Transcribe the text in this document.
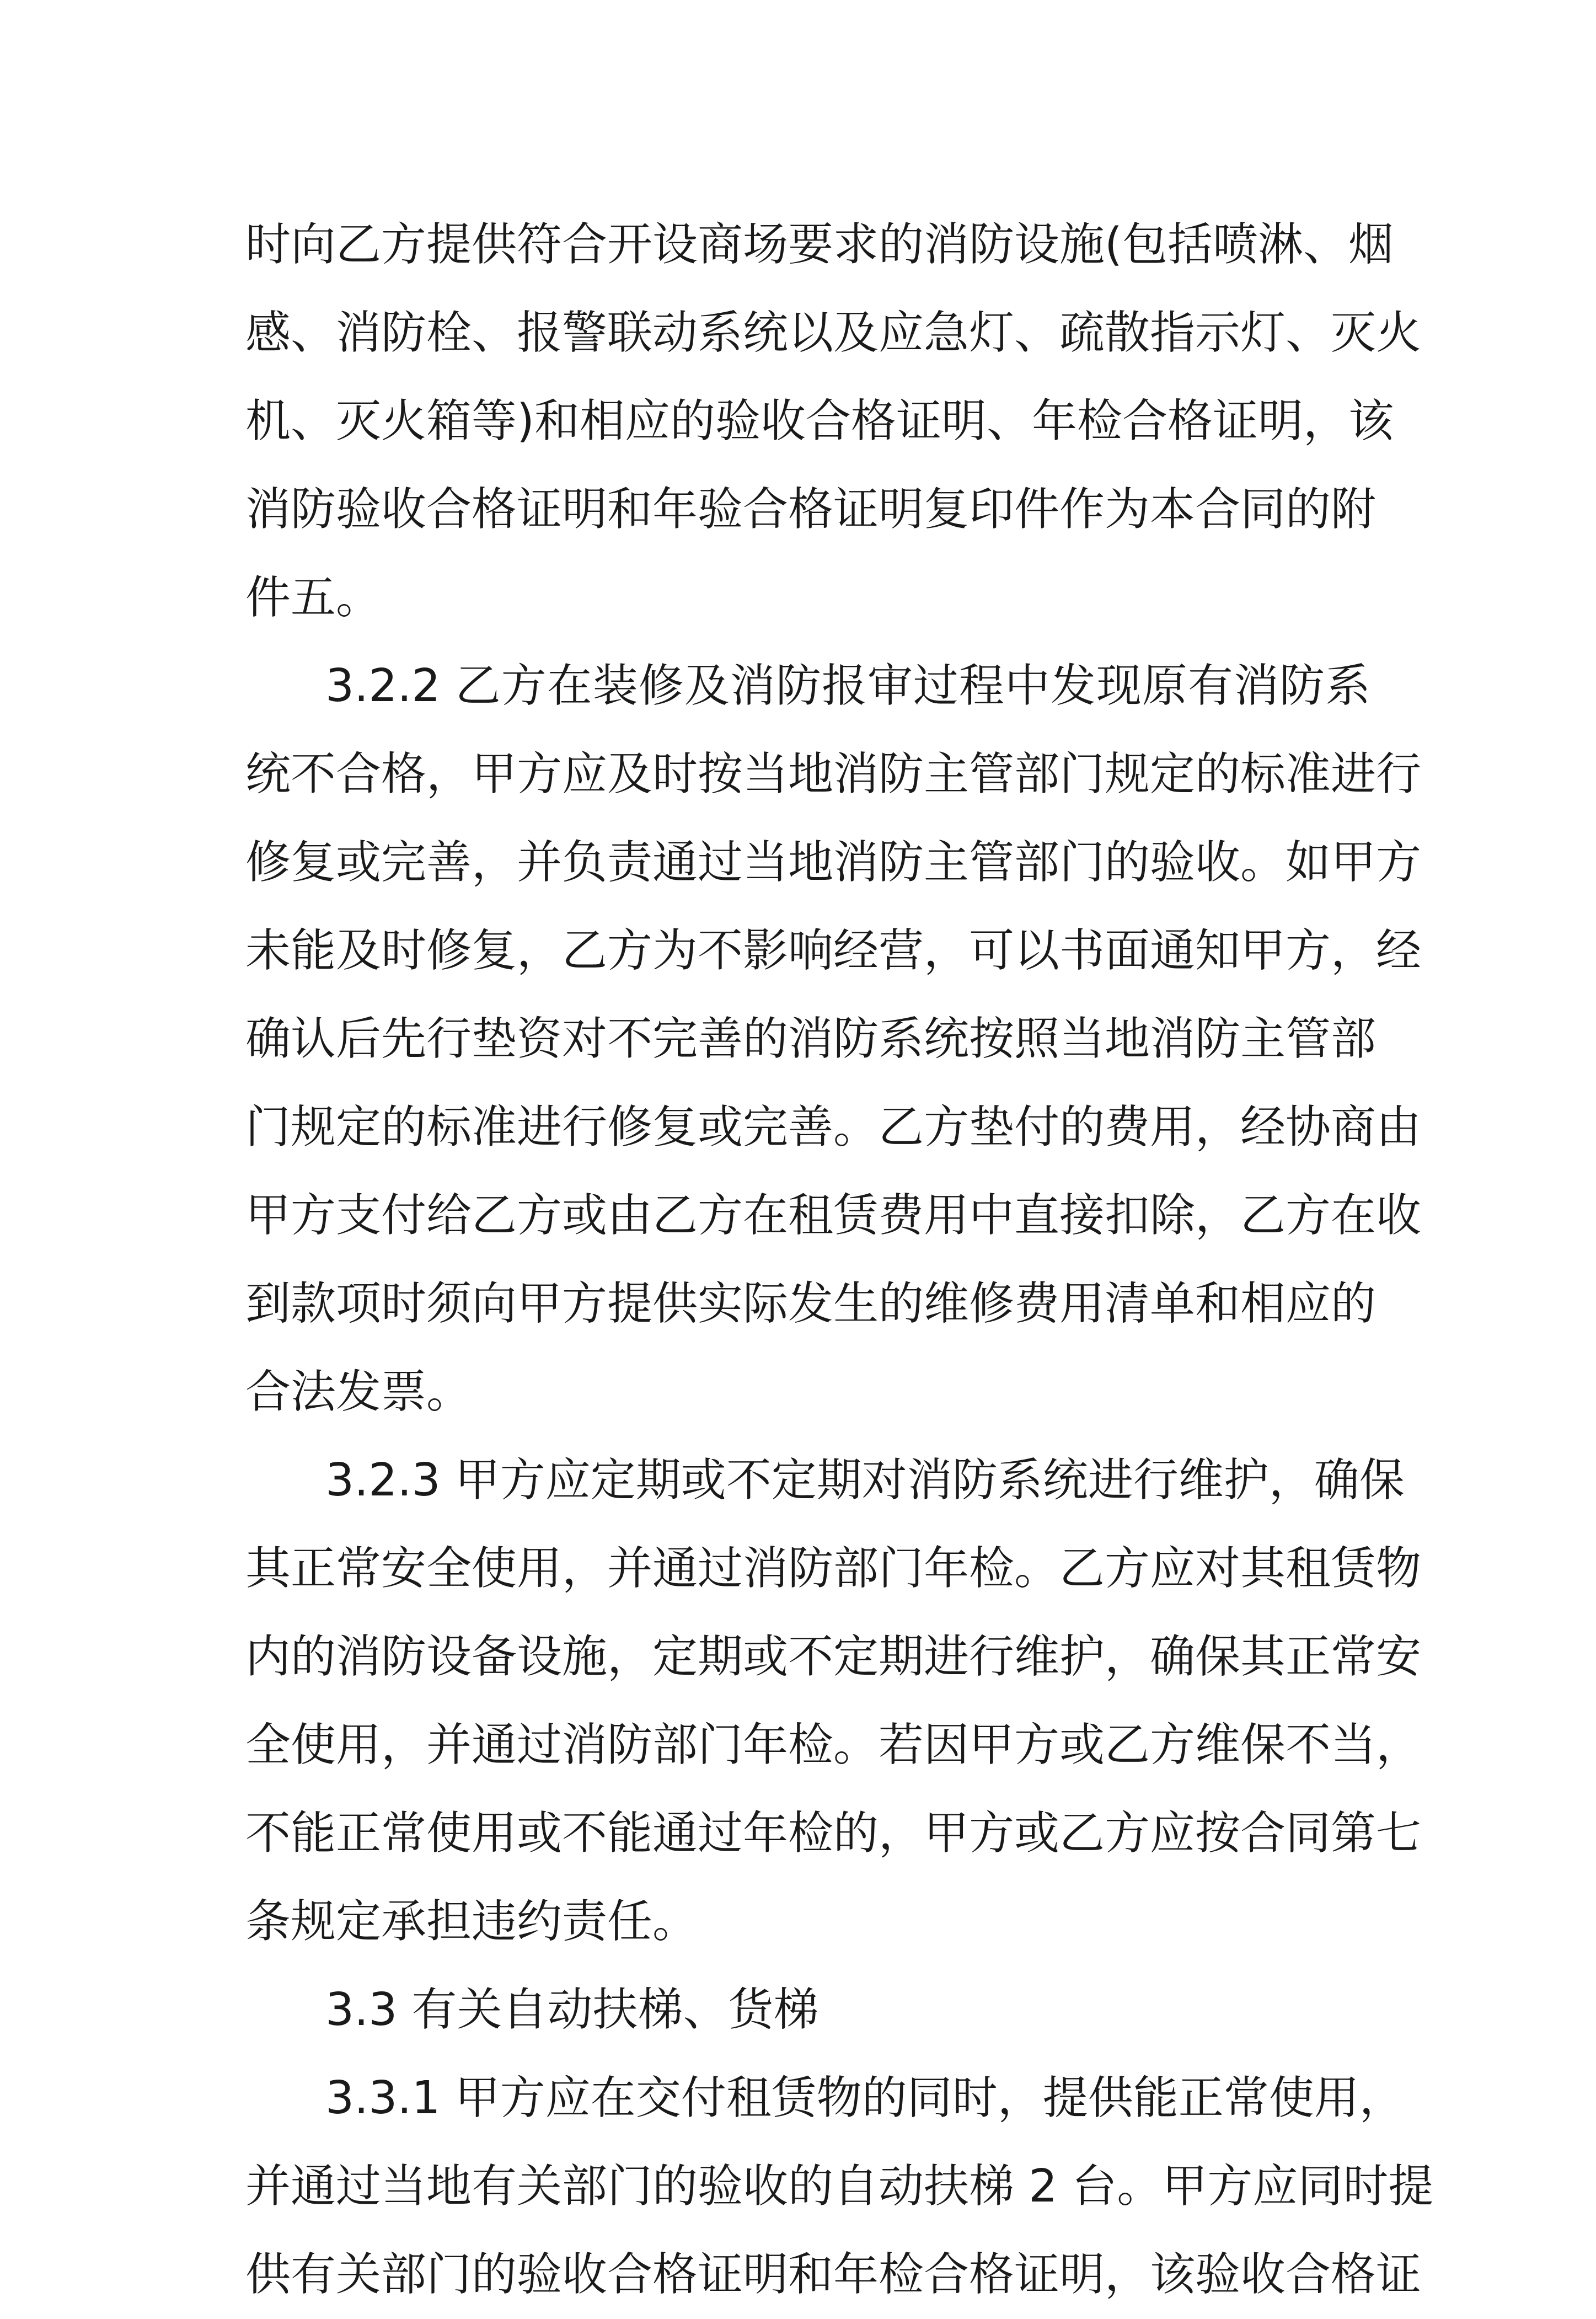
时向乙方提供符合开设商场要求的消防设施(包括喷淋、烟
感、消防栓、报警联动系统以及应急灯、疏散指示灯、灭火
机、灭火箱等)和相应的验收合格证明、年检合格证明，该
消防验收合格证明和年验合格证明复印件作为本合同的附
件五。
3.2.2 乙方在装修及消防报审过程中发现原有消防系
统不合格，甲方应及时按当地消防主管部门规定的标准进行
修复或完善，并负责通过当地消防主管部门的验收。如甲方
未能及时修复，乙方为不影响经营，可以书面通知甲方，经
确认后先行垫资对不完善的消防系统按照当地消防主管部
门规定的标准进行修复或完善。乙方垫付的费用，经协商由
甲方支付给乙方或由乙方在租赁费用中直接扣除，乙方在收
到款项时须向甲方提供实际发生的维修费用清单和相应的
合法发票。
3.2.3 甲方应定期或不定期对消防系统进行维护，确保
其正常安全使用，并通过消防部门年检。乙方应对其租赁物
内的消防设备设施，定期或不定期进行维护，确保其正常安
全使用，并通过消防部门年检。若因甲方或乙方维保不当，
不能正常使用或不能通过年检的，甲方或乙方应按合同第七
条规定承担违约责任。
3.3 有关自动扶梯、货梯
3.3.1 甲方应在交付租赁物的同时，提供能正常使用，
并通过当地有关部门的验收的自动扶梯 2 台。甲方应同时提
供有关部门的验收合格证明和年检合格证明，该验收合格证
